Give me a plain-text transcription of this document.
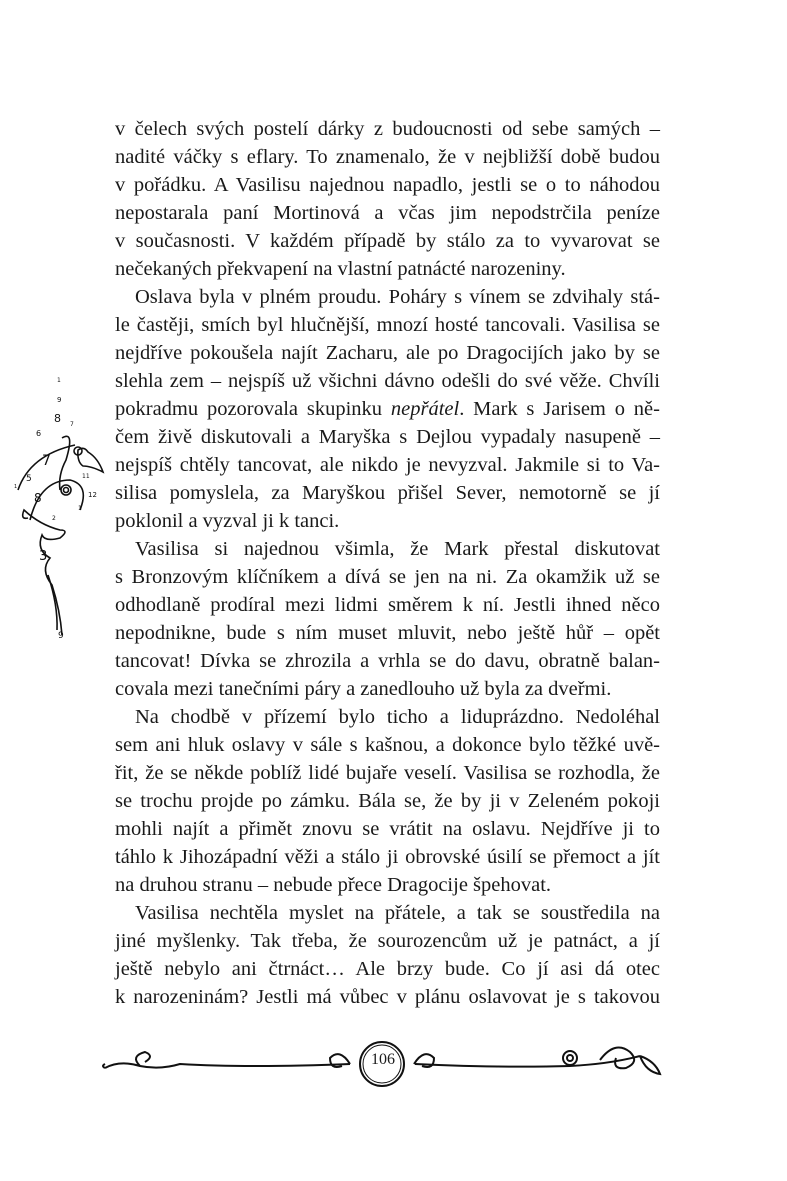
v čelech svých postelí dárky z budoucnosti od sebe samých –
nadité váčky s eflary. To znamenalo, že v nejbližší době budou
v pořádku. A Vasilisu najednou napadlo, jestli se o to náhodou
nepostarala paní Mortinová a včas jim nepodstrčila peníze
v současnosti. V každém případě by stálo za to vyvarovat se
nečekaných překvapení na vlastní patnácté narozeniny.
Oslava byla v plném proudu. Poháry s vínem se zdvihaly stá-
le častěji, smích byl hlučnější, mnozí hosté tancovali. Vasilisa se
nejdříve pokoušela najít Zacharu, ale po Dragocijích jako by se
slehla zem – nejspíš už všichni dávno odešli do své věže. Chvíli
pokradmu pozorovala skupinku nepřátel. Mark s Jarisem o ně-
čem živě diskutovali a Maryška s Dejlou vypadaly nasupeně –
nejspíš chtěly tancovat, ale nikdo je nevyzval. Jakmile si to Va-
silisa pomyslela, za Maryškou přišel Sever, nemotorně se jí
poklonil a vyzval ji k tanci.
Vasilisa si najednou všimla, že Mark přestal diskutovat
s Bronzovým klíčníkem a dívá se jen na ni. Za okamžik už se
odhodlaně prodíral mezi lidmi směrem k ní. Jestli ihned něco
nepodnikne, bude s ním muset mluvit, nebo ještě hůř – opět
tancovat! Dívka se zhrozila a vrhla se do davu, obratně balan-
covala mezi tanečními páry a zanedlouho už byla za dveřmi.
Na chodbě v přízemí bylo ticho a liduprázdno. Nedoléhal
sem ani hluk oslavy v sále s kašnou, a dokonce bylo těžké uvě-
řit, že se někde poblíž lidé bujaře veselí. Vasilisa se rozhodla, že
se trochu projde po zámku. Bála se, že by ji v Zeleném pokoji
mohli najít a přimět znovu se vrátit na oslavu. Nejdříve ji to
táhlo k Jihozápadní věži a stálo ji obrovské úsilí se přemoct a jít
na druhou stranu – nebude přece Dragocije špehovat.
Vasilisa nechtěla myslet na přátele, a tak se soustředila na
jiné myšlenky. Tak třeba, že sourozencům už je patnáct, a jí
ještě nebylo ani čtrnáct… Ale brzy bude. Co jí asi dá otec
k narozeninám? Jestli má vůbec v plánu oslavovat je s takovou
1
9
8 7
6
7
5
1
8
11
12
1
2
3
9
106
